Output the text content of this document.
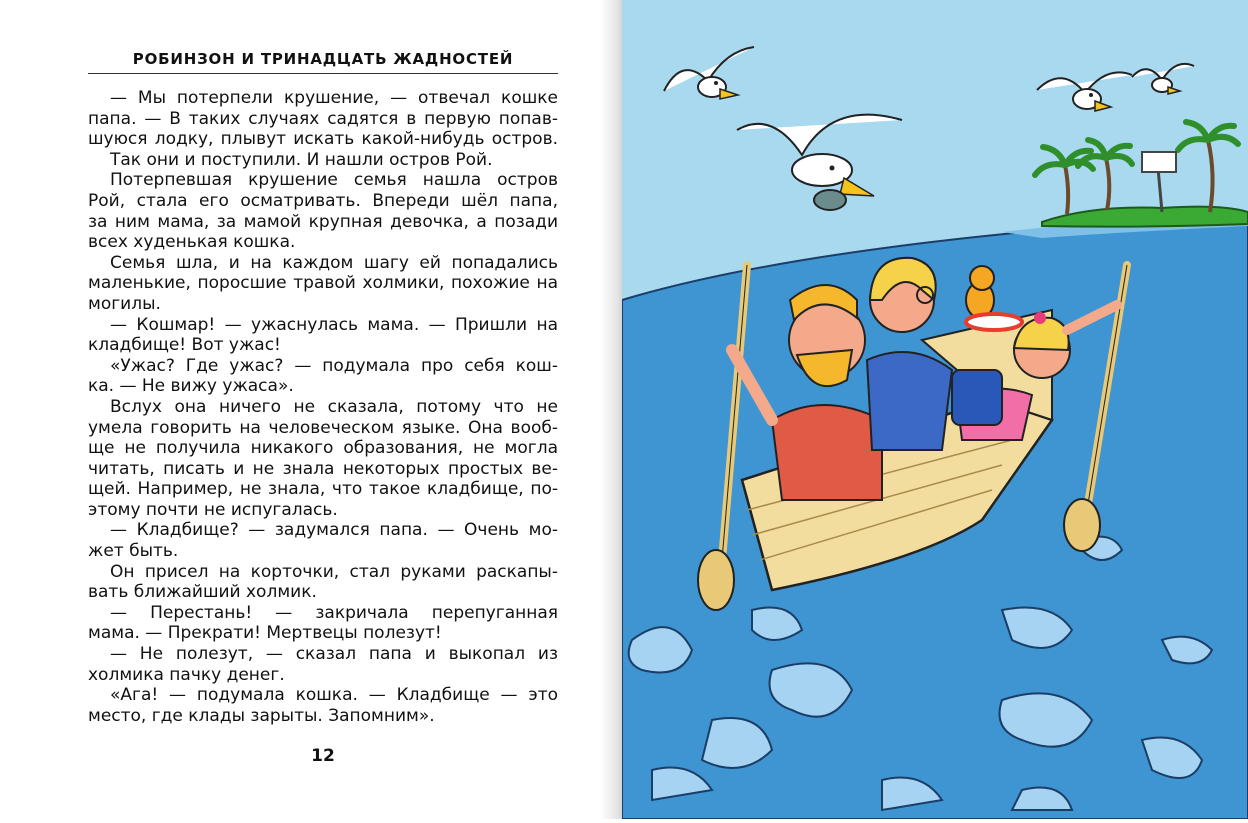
РОБИНЗОН И ТРИНАДЦАТЬ ЖАДНОСТЕЙ
— Мы потерпели крушение, — отвечал кошке
папа. — В таких случаях садятся в первую попав-
шуюся лодку, плывут искать какой-нибудь остров.
Так они и поступили. И нашли остров Рой.
Потерпевшая крушение семья нашла остров
Рой, стала его осматривать. Впереди шёл папа,
за ним мама, за мамой крупная девочка, а позади
всех худенькая кошка.
Семья шла, и на каждом шагу ей попадались
маленькие, поросшие травой холмики, похожие на
могилы.
— Кошмар! — ужаснулась мама. — Пришли на
кладбище! Вот ужас!
«Ужас? Где ужас? — подумала про себя кош-
ка. — Не вижу ужаса».
Вслух она ничего не сказала, потому что не
умела говорить на человеческом языке. Она вооб-
ще не получила никакого образования, не могла
читать, писать и не знала некоторых простых ве-
щей. Например, не знала, что такое кладбище, по-
этому почти не испугалась.
— Кладбище? — задумался папа. — Очень мо-
жет быть.
Он присел на корточки, стал руками раскапы-
вать ближайший холмик.
— Перестань! — закричала перепуганная
мама. — Прекрати! Мертвецы полезут!
— Не полезут, — сказал папа и выкопал из
холмика пачку денег.
«Ага! — подумала кошка. — Кладбище — это
место, где клады зарыты. Запомним».
12
